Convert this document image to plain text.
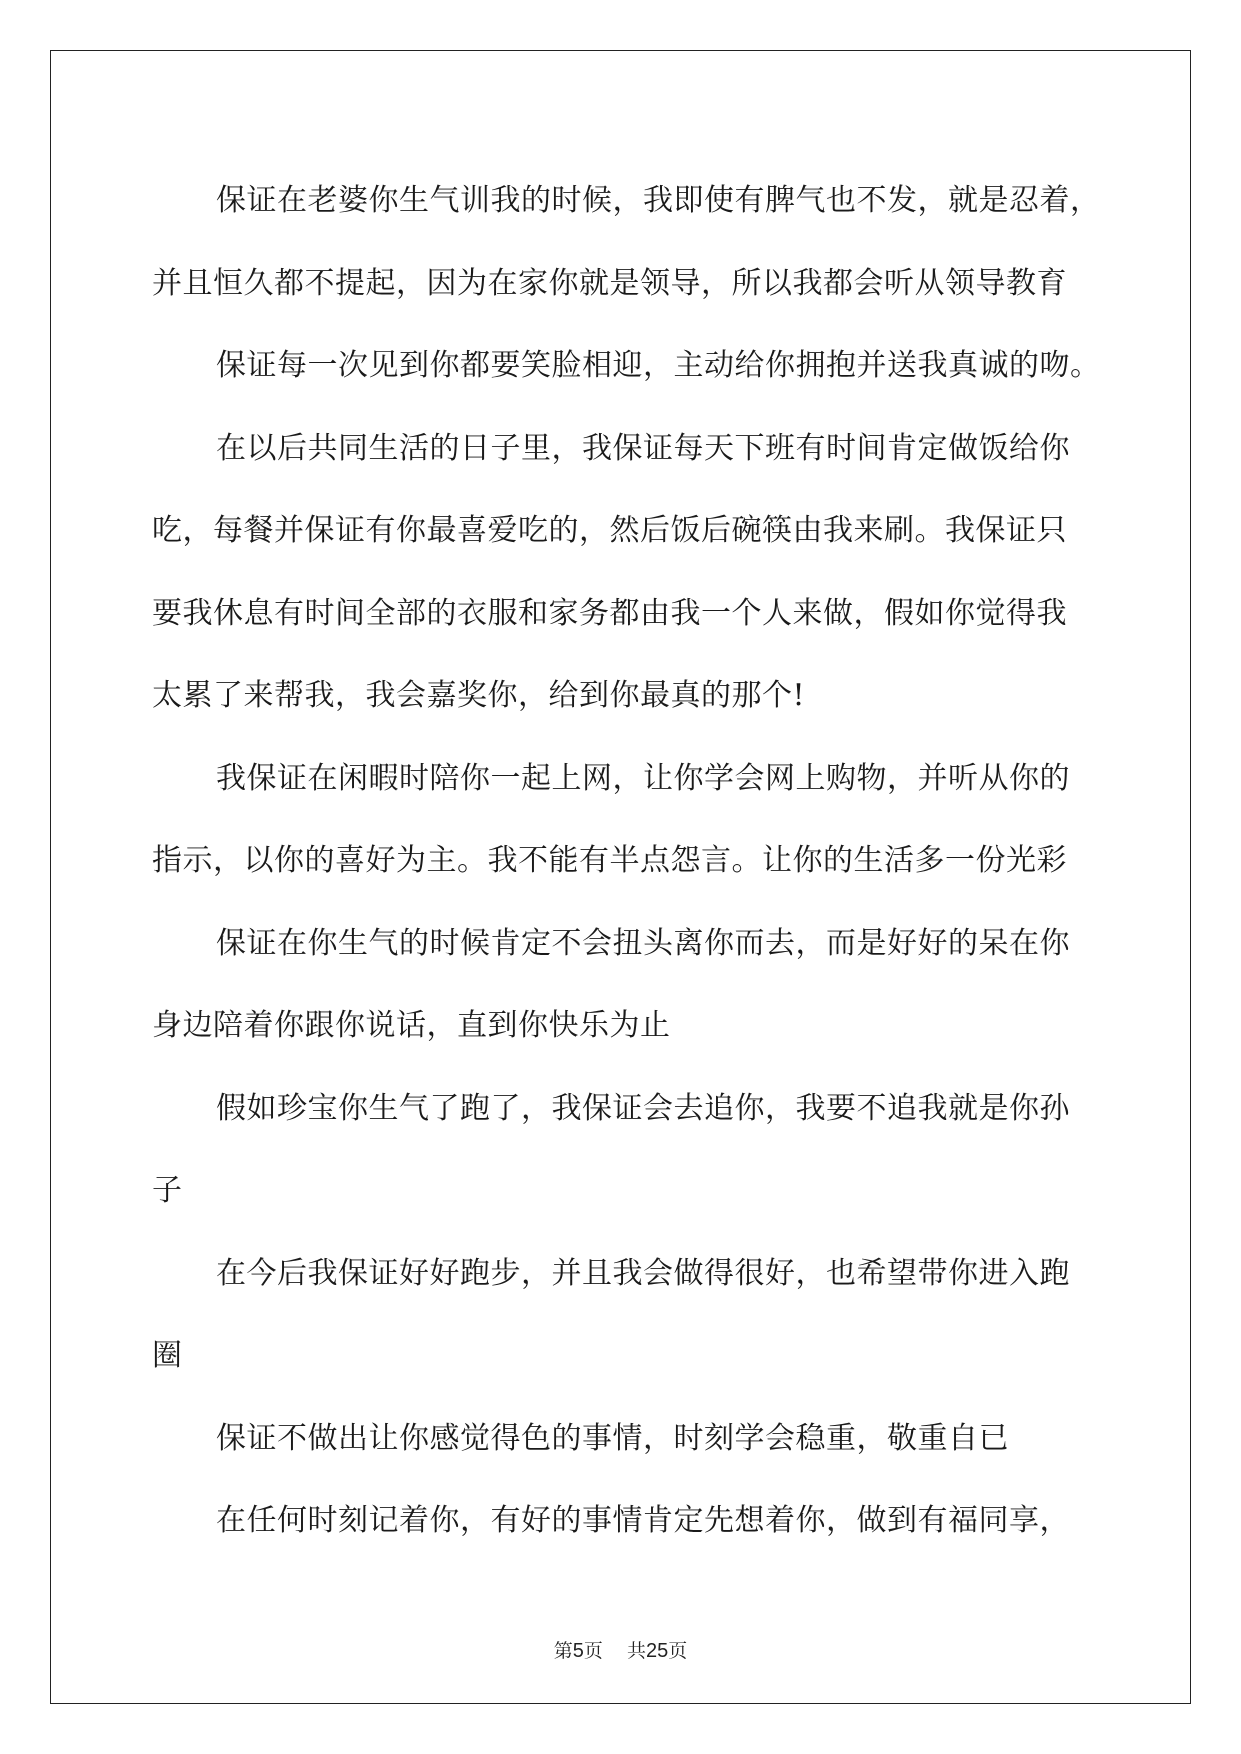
保证在老婆你生气训我的时候，我即使有脾气也不发，就是忍着，
并且恒久都不提起，因为在家你就是领导，所以我都会听从领导教育
保证每一次见到你都要笑脸相迎，主动给你拥抱并送我真诚的吻。
在以后共同生活的日子里，我保证每天下班有时间肯定做饭给你
吃，每餐并保证有你最喜爱吃的，然后饭后碗筷由我来刷。我保证只
要我休息有时间全部的衣服和家务都由我一个人来做，假如你觉得我
太累了来帮我，我会嘉奖你，给到你最真的那个!
我保证在闲暇时陪你一起上网，让你学会网上购物，并听从你的
指示，以你的喜好为主。我不能有半点怨言。让你的生活多一份光彩
保证在你生气的时候肯定不会扭头离你而去，而是好好的呆在你
身边陪着你跟你说话，直到你快乐为止
假如珍宝你生气了跑了，我保证会去追你，我要不追我就是你孙
子
在今后我保证好好跑步，并且我会做得很好，也希望带你进入跑
圈
保证不做出让你感觉得色的事情，时刻学会稳重，敬重自已
在任何时刻记着你，有好的事情肯定先想着你，做到有福同享，
第5页 共25页
